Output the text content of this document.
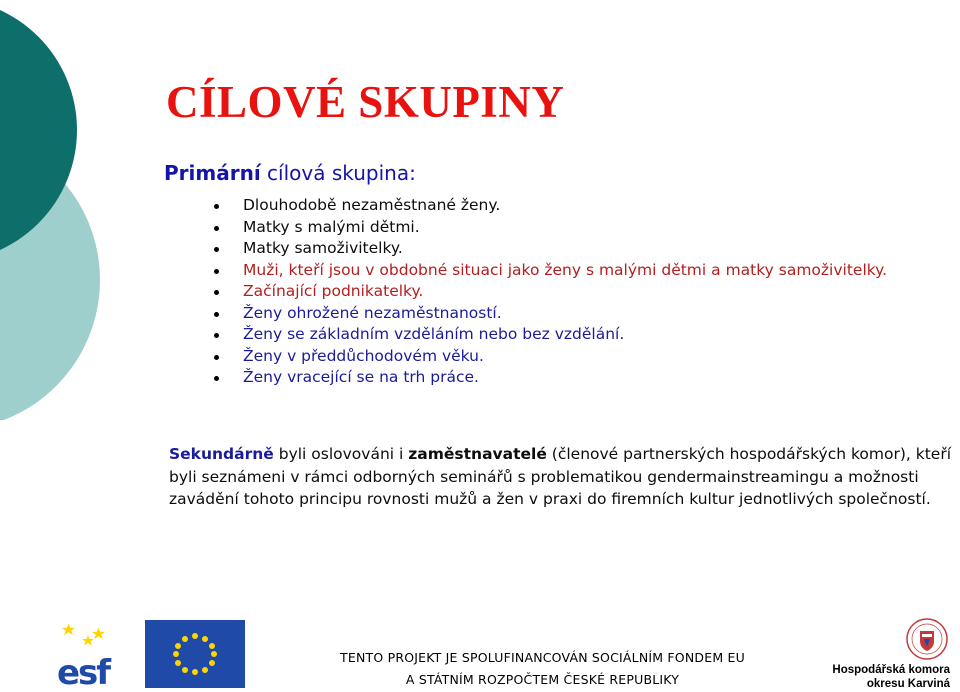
CÍLOVÉ SKUPINY
Primární cílová skupina:
Dlouhodobě nezaměstnané ženy.
Matky s malými dětmi.
Matky samoživitelky.
Muži, kteří jsou v obdobné situaci jako ženy s malými dětmi a matky samoživitelky.
Začínající podnikatelky.
Ženy ohrožené nezaměstnaností.
Ženy se základním vzděláním nebo bez vzdělání.
Ženy v předdůchodovém věku.
Ženy vracející se na trh práce.
Sekundárně byli oslovováni i zaměstnavatelé (členové partnerských hospodářských komor), kteří byli seznámeni v rámci odborných seminářů s problematikou gendermainstreamingu a možnosti zavádění tohoto principu rovnosti mužů a žen v praxi do firemních kultur jednotlivých společností.
esf	TENTO PROJEKT JE SPOLUFINANCOVÁN SOCIÁLNÍM FONDEM EU
A STÁTNÍM ROZPOČTEM ČESKÉ REPUBLIKY
Hospodářská komora
okresu Karviná
